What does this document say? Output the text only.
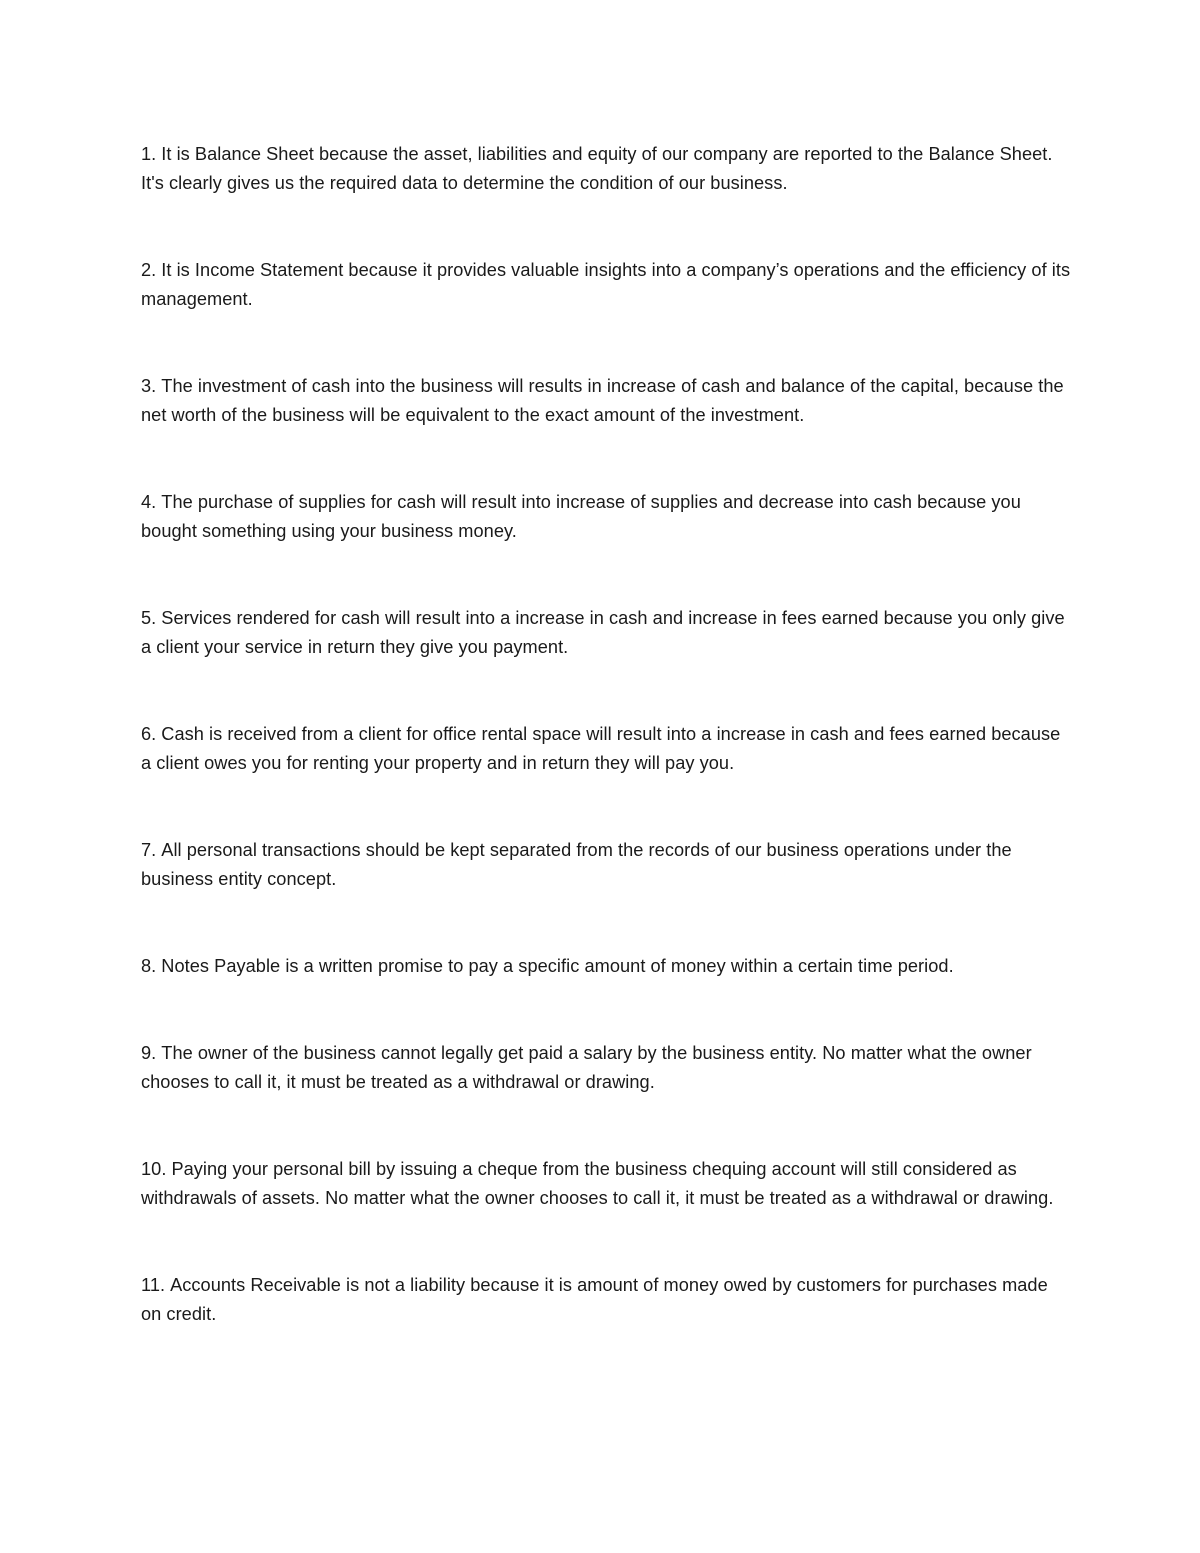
1. It is Balance Sheet because the asset, liabilities and equity of our company are reported to the Balance Sheet. It's clearly gives us the required data to determine the condition of our business.
2. It is Income Statement because it provides valuable insights into a company’s operations and the efficiency of its management.
3. The investment of cash into the business will results in increase of cash and balance of the capital, because the net worth of the business will be equivalent to the exact amount of the investment.
4. The purchase of supplies for cash will result into increase of supplies and decrease into cash because you bought something using your business money.
5. Services rendered for cash will result into a increase in cash and increase in fees earned because you only give a client your service in return they give you payment.
6. Cash is received from a client for office rental space will result into a increase in cash and fees earned because a client owes you for renting your property and in return they will pay you.
7. All personal transactions should be kept separated from the records of our business operations under the business entity concept.
8. Notes Payable is a written promise to pay a specific amount of money within a certain time period.
9. The owner of the business cannot legally get paid a salary by the business entity. No matter what the owner chooses to call it, it must be treated as a withdrawal or drawing.
10. Paying your personal bill by issuing a cheque from the business chequing account will still considered as withdrawals of assets. No matter what the owner chooses to call it, it must be treated as a withdrawal or drawing.
11. Accounts Receivable is not a liability because it is amount of money owed by customers for purchases made on credit.
